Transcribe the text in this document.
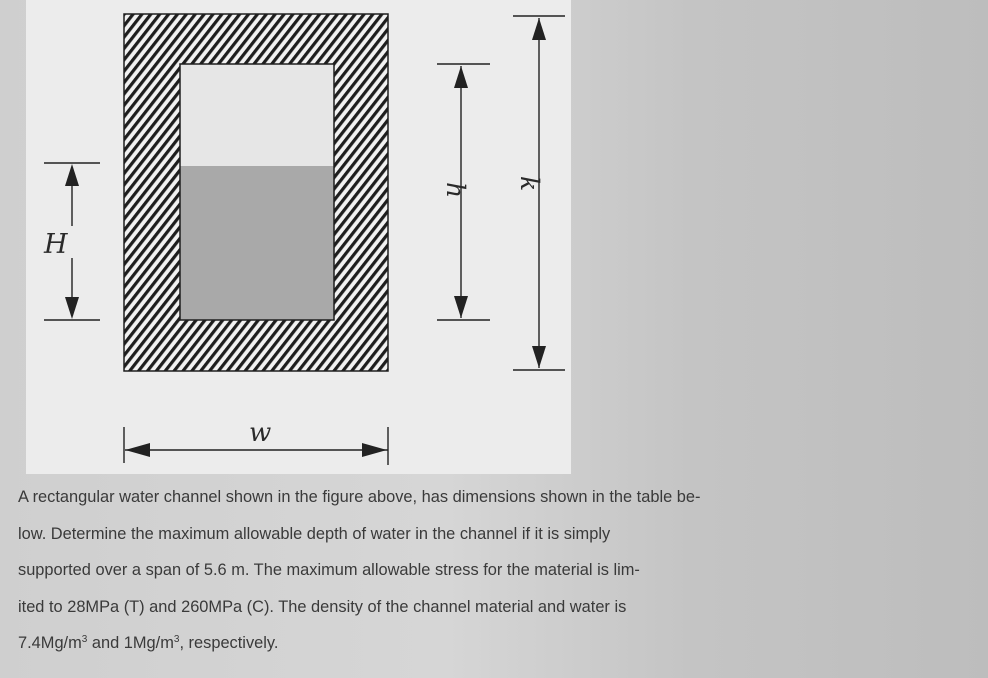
H
w
h k
A rectangular water channel shown in the figure above, has dimensions shown in the table be-
low. Determine the maximum allowable depth of water in the channel if it is simply
supported over a span of 5.6 m. The maximum allowable stress for the material is lim-
ited to 28MPa (T) and 260MPa (C). The density of the channel material and water is
$7.4Mg/m^3$ and $1Mg/m^3$, respectively.
